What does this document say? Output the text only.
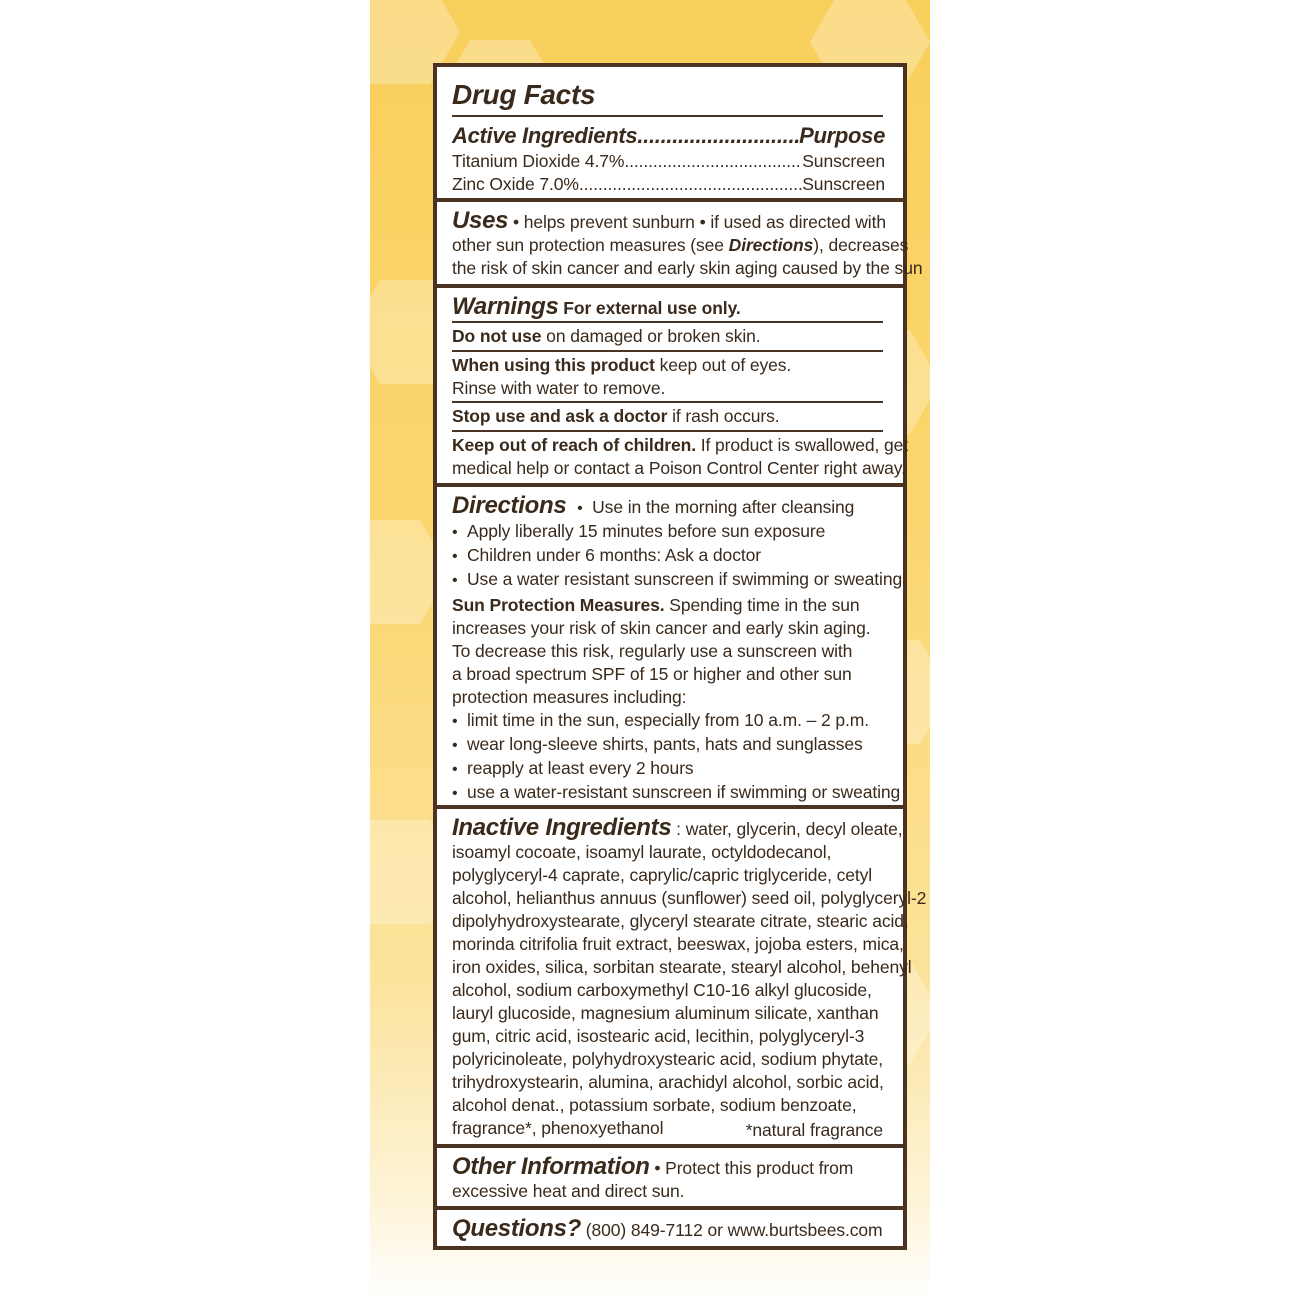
Drug Facts
Active Ingredients .....	Purpose
Titanium Dioxide 4.7% .....	Sunscreen
Zinc Oxide 7.0% .....	Sunscreen
Uses • helps prevent sunburn • if used as directed with
other sun protection measures (see Directions), decreases
the risk of skin cancer and early skin aging caused by the sun
Warnings For external use only.
Do not use on damaged or broken skin.
When using this product keep out of eyes.
Rinse with water to remove.
Stop use and ask a doctor if rash occurs.
Keep out of reach of children. If product is swallowed, get
medical help or contact a Poison Control Center right away.
Directions • Use in the morning after cleansing
• Apply liberally 15 minutes before sun exposure
• Children under 6 months: Ask a doctor
• Use a water resistant sunscreen if swimming or sweating
Sun Protection Measures. Spending time in the sun
increases your risk of skin cancer and early skin aging.
To decrease this risk, regularly use a sunscreen with
a broad spectrum SPF of 15 or higher and other sun
protection measures including:
• limit time in the sun, especially from 10 a.m. – 2 p.m.
• wear long-sleeve shirts, pants, hats and sunglasses
• reapply at least every 2 hours
• use a water-resistant sunscreen if swimming or sweating
Inactive Ingredients : water, glycerin, decyl oleate,
isoamyl cocoate, isoamyl laurate, octyldodecanol,
polyglyceryl-4 caprate, caprylic/capric triglyceride, cetyl
alcohol, helianthus annuus (sunflower) seed oil, polyglyceryl-2
dipolyhydroxystearate, glyceryl stearate citrate, stearic acid,
morinda citrifolia fruit extract, beeswax, jojoba esters, mica,
iron oxides, silica, sorbitan stearate, stearyl alcohol, behenyl
alcohol, sodium carboxymethyl C10-16 alkyl glucoside,
lauryl glucoside, magnesium aluminum silicate, xanthan
gum, citric acid, isostearic acid, lecithin, polyglyceryl-3
polyricinoleate, polyhydroxystearic acid, sodium phytate,
trihydroxystearin, alumina, arachidyl alcohol, sorbic acid,
alcohol denat., potassium sorbate, sodium benzoate,
fragrance*, phenoxyethanol	*natural fragrance
Other Information • Protect this product from
excessive heat and direct sun.
Questions? (800) 849-7112 or www.burtsbees.com
